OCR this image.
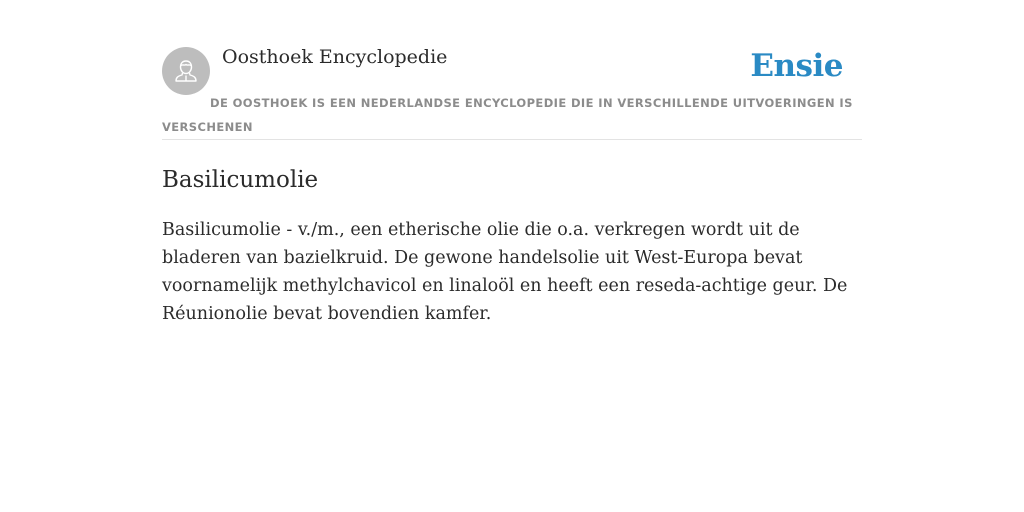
Oosthoek Encyclopedie	Ensie

DE OOSTHOEK IS EEN NEDERLANDSE ENCYCLOPEDIE DIE IN VERSCHILLENDE UITVOERINGEN IS VERSCHENEN

Basilicumolie

Basilicumolie - v./m., een etherische olie die o.a. verkregen wordt uit de bladeren van bazielkruid. De gewone handelsolie uit West-Europa bevat voornamelijk methylchavicol en linaloöl en heeft een reseda-achtige geur. De Réunionolie bevat bovendien kamfer.
